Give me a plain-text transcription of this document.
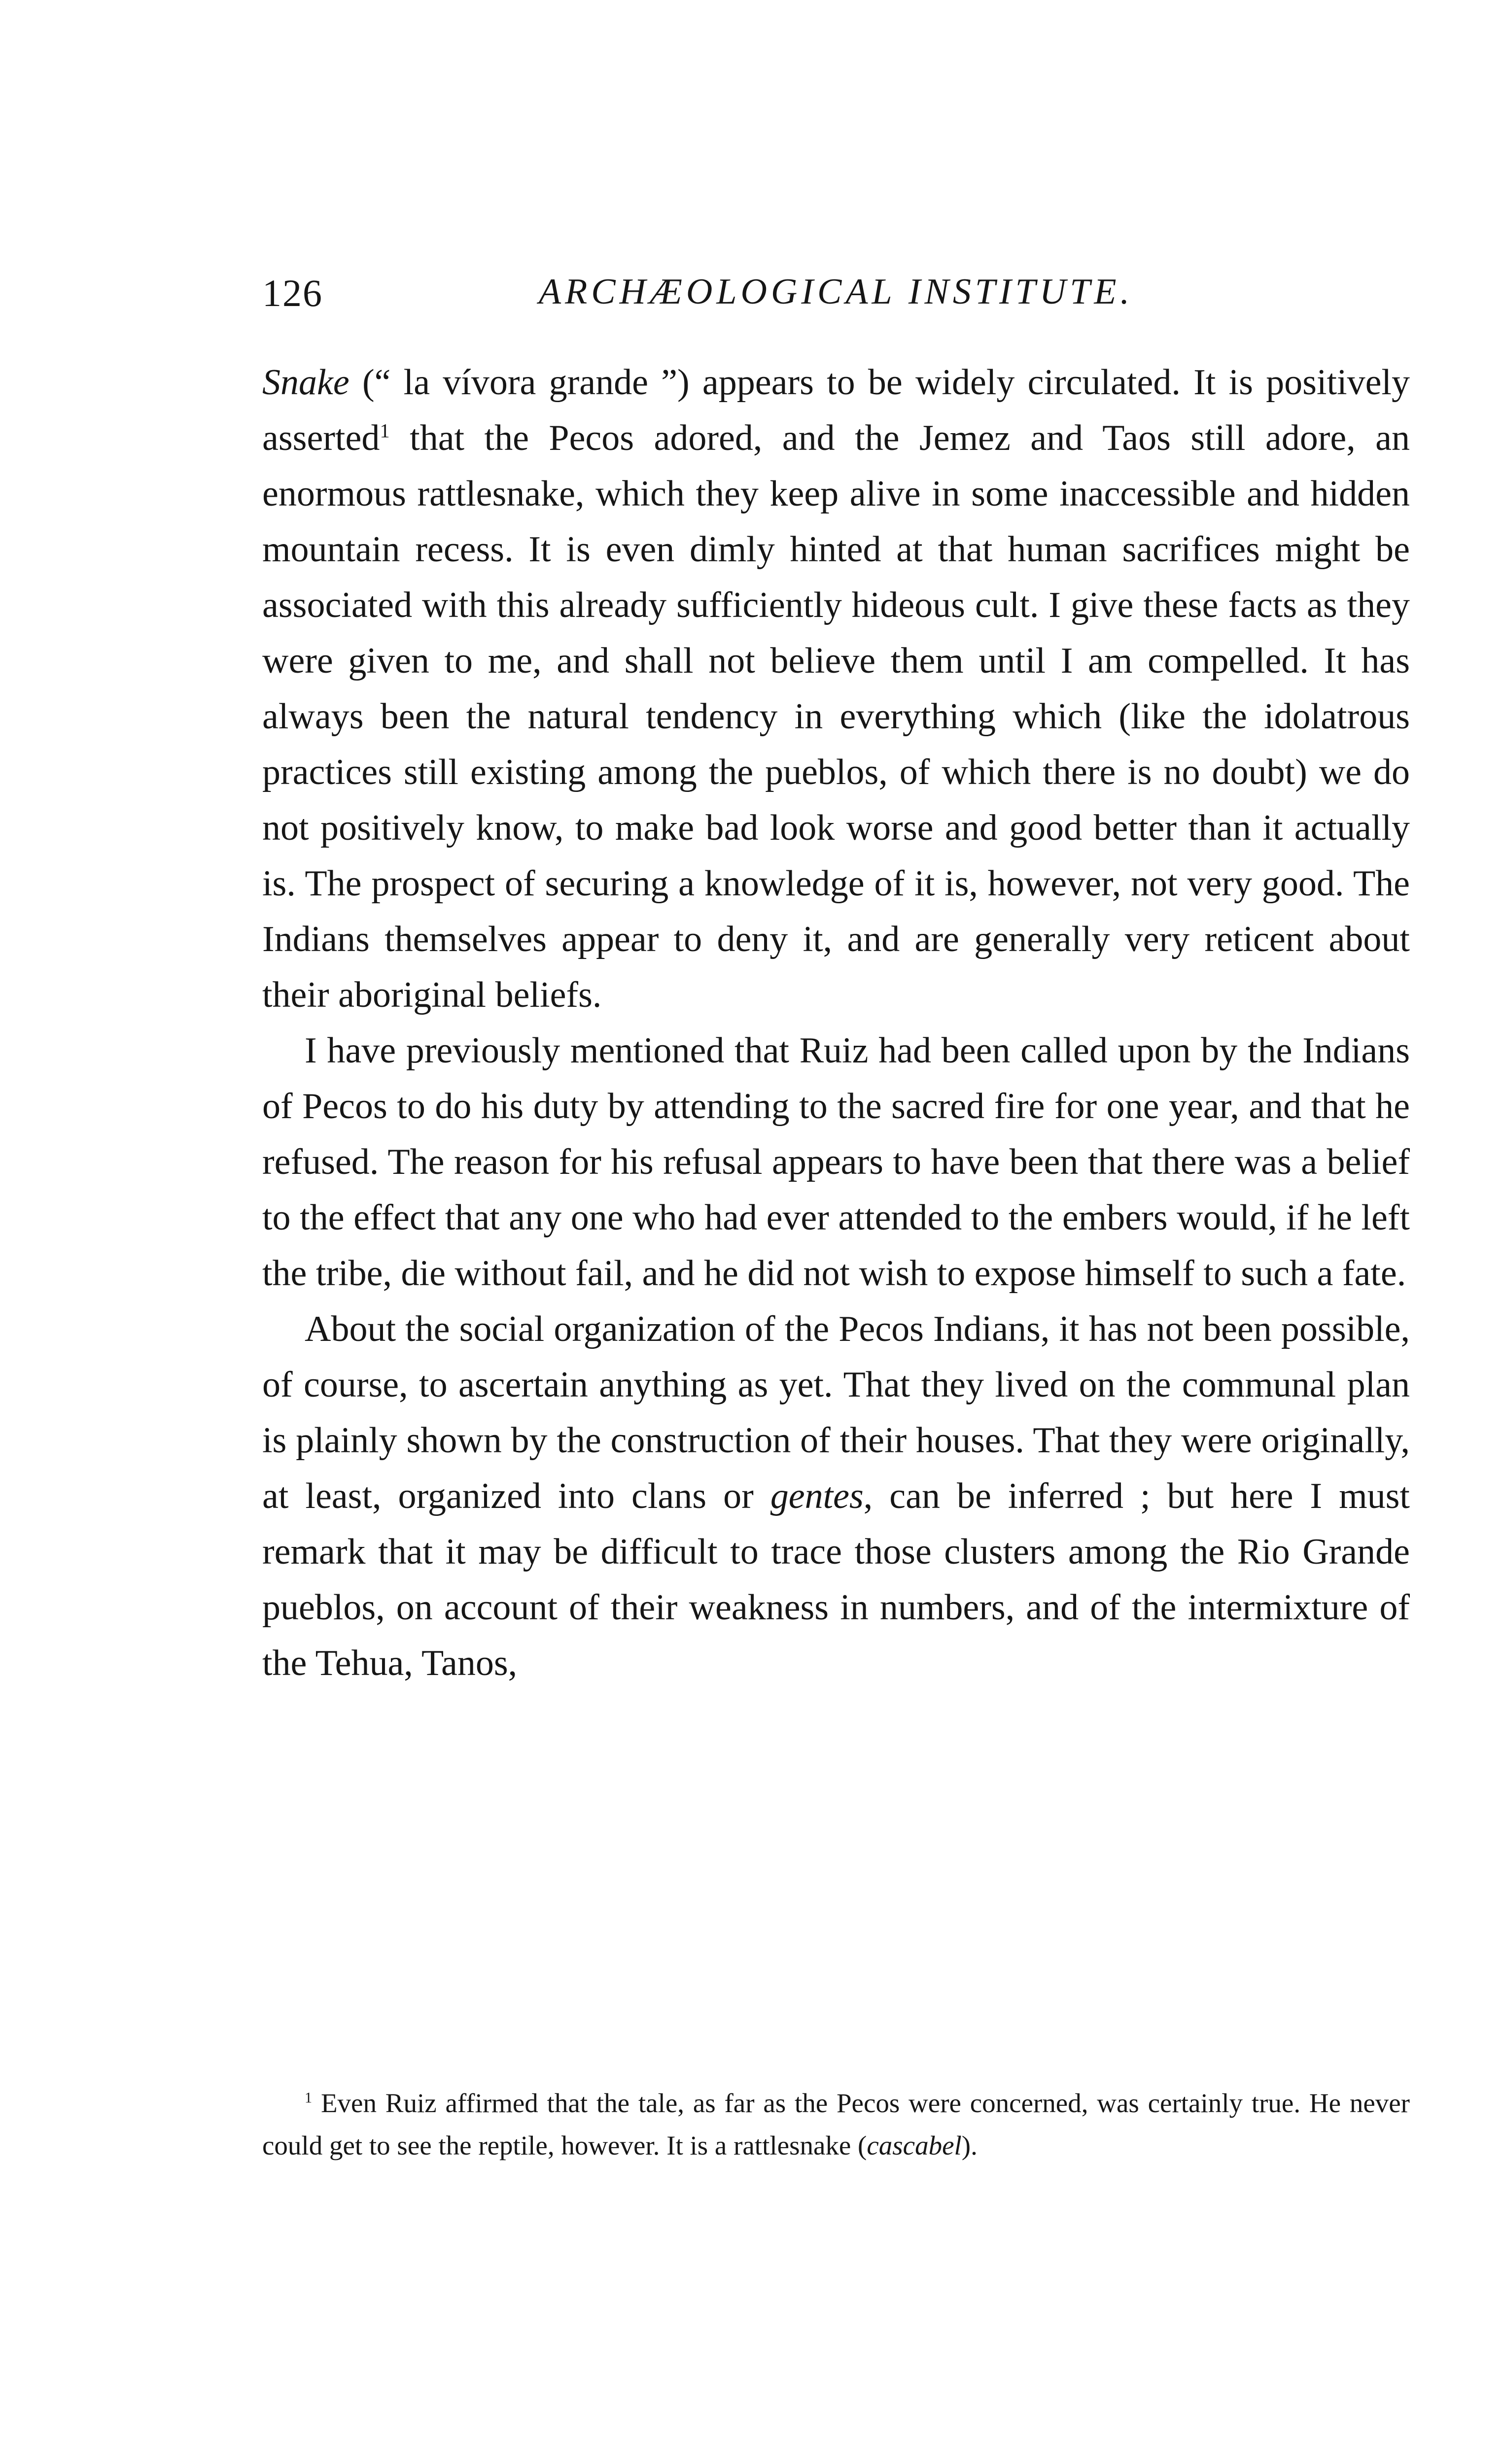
126	ARCHÆOLOGICAL INSTITUTE.

Snake (“ la vívora grande ”) appears to be widely circulated. It is positively asserted$^1$ that the Pecos adored, and the Jemez and Taos still adore, an enormous rattlesnake, which they keep alive in some inaccessible and hidden mountain recess. It is even dimly hinted at that human sacrifices might be associated with this already sufficiently hideous cult. I give these facts as they were given to me, and shall not believe them until I am compelled. It has always been the natural tendency in everything which (like the idolatrous practices still existing among the pueblos, of which there is no doubt) we do not positively know, to make bad look worse and good better than it actually is. The prospect of securing a knowledge of it is, however, not very good. The Indians themselves appear to deny it, and are generally very reticent about their aboriginal beliefs.

I have previously mentioned that Ruiz had been called upon by the Indians of Pecos to do his duty by attending to the sacred fire for one year, and that he refused. The reason for his refusal appears to have been that there was a belief to the effect that any one who had ever attended to the embers would, if he left the tribe, die without fail, and he did not wish to expose himself to such a fate.

About the social organization of the Pecos Indians, it has not been possible, of course, to ascertain anything as yet. That they lived on the communal plan is plainly shown by the construction of their houses. That they were originally, at least, organized into clans or gentes, can be inferred ; but here I must remark that it may be difficult to trace those clusters among the Rio Grande pueblos, on account of their weakness in numbers, and of the intermixture of the Tehua, Tanos,

$^1$ Even Ruiz affirmed that the tale, as far as the Pecos were concerned, was certainly true. He never could get to see the reptile, however. It is a rattlesnake (cascabel).
